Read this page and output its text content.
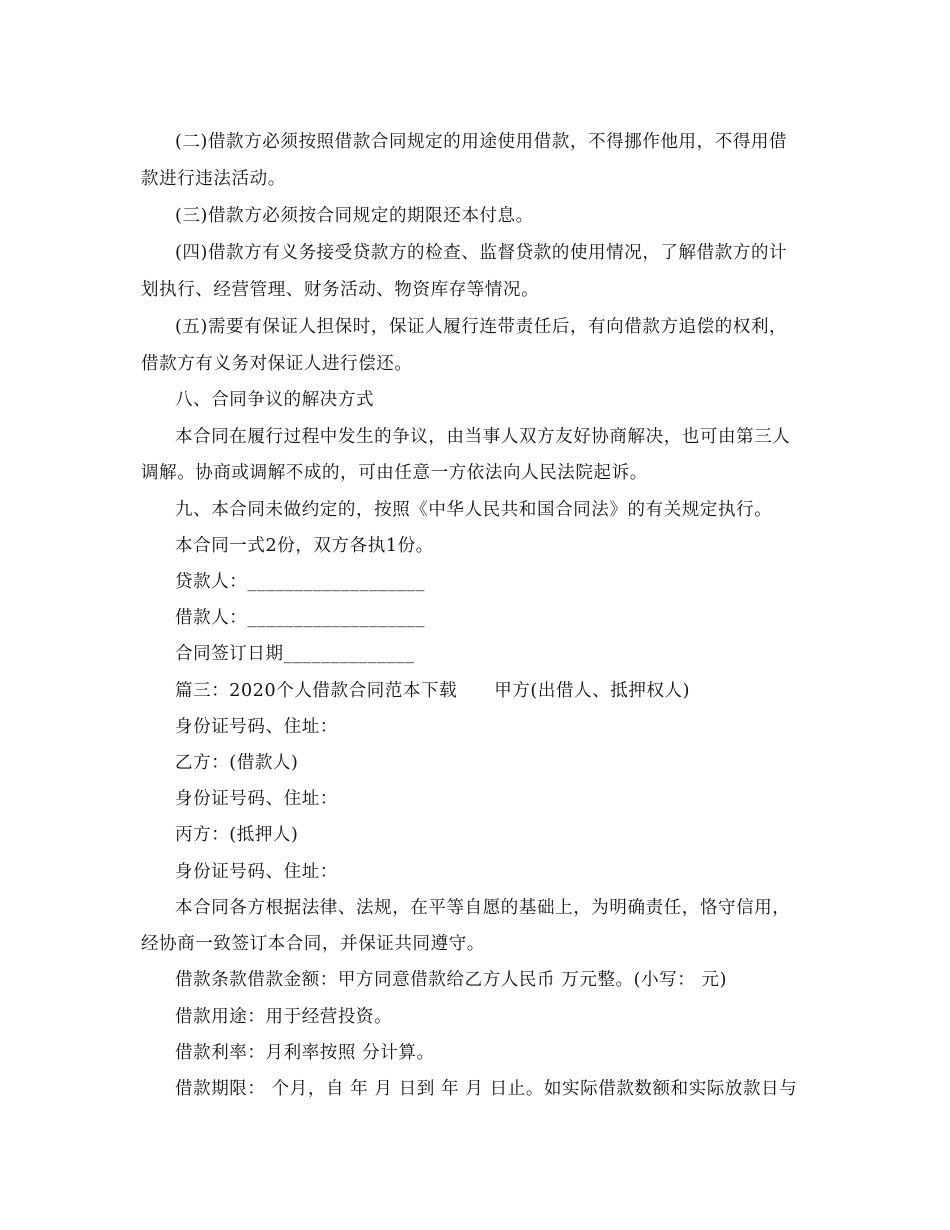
(二)借款方必须按照借款合同规定的用途使用借款，不得挪作他用，不得用借
款进行违法活动。
(三)借款方必须按合同规定的期限还本付息。
(四)借款方有义务接受贷款方的检查、监督贷款的使用情况，了解借款方的计
划执行、经营管理、财务活动、物资库存等情况。
(五)需要有保证人担保时，保证人履行连带责任后，有向借款方追偿的权利，
借款方有义务对保证人进行偿还。
八、合同争议的解决方式
本合同在履行过程中发生的争议，由当事人双方友好协商解决，也可由第三人
调解。协商或调解不成的，可由任意一方依法向人民法院起诉。
九、本合同未做约定的，按照《中华人民共和国合同法》的有关规定执行。
本合同一式2份，双方各执1份。
贷款人：___________________
借款人：___________________
合同签订日期______________
篇三：2020个人借款合同范本下载      甲方(出借人、抵押权人)
身份证号码、住址：
乙方：(借款人)
身份证号码、住址：
丙方：(抵押人)
身份证号码、住址：
本合同各方根据法律、法规，在平等自愿的基础上，为明确责任，恪守信用，
经协商一致签订本合同，并保证共同遵守。
借款条款借款金额：甲方同意借款给乙方人民币 万元整。(小写： 元)
借款用途：用于经营投资。
借款利率：月利率按照 分计算。
借款期限： 个月，自 年 月 日到 年 月 日止。如实际借款数额和实际放款日与
